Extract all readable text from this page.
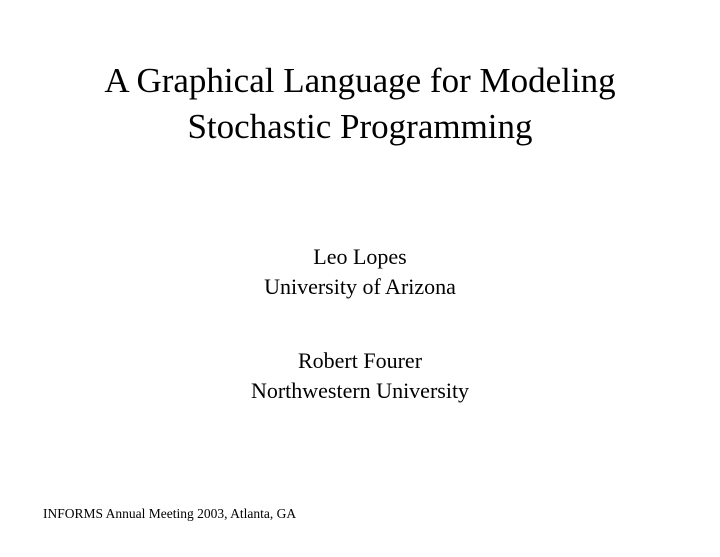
A Graphical Language for Modeling
Stochastic Programming
Leo Lopes
University of Arizona
Robert Fourer
Northwestern University
INFORMS Annual Meeting 2003, Atlanta, GA
